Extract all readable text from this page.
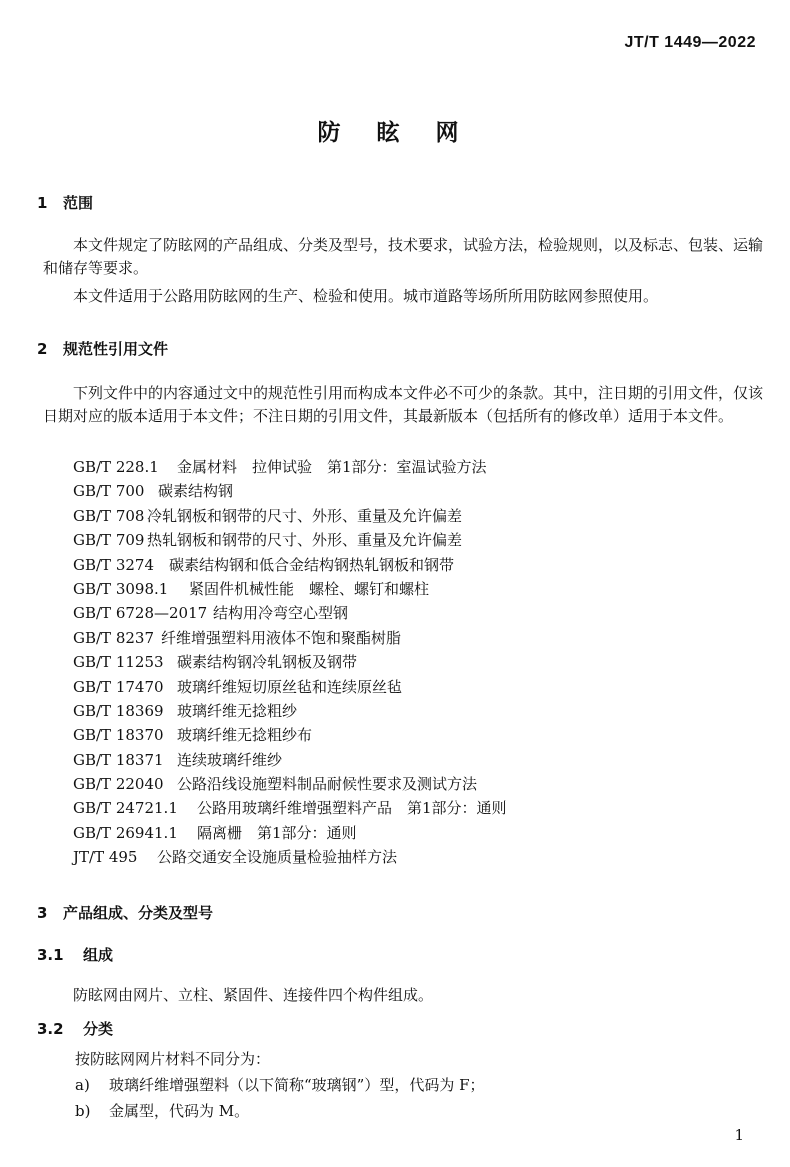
JT/T 1449—2022
防 眩 网
1 范围
本文件规定了防眩网的产品组成、分类及型号，技术要求，试验方法，检验规则，以及标志、包装、运输和储存等要求。
本文件适用于公路用防眩网的生产、检验和使用。城市道路等场所所用防眩网参照使用。
2 规范性引用文件
下列文件中的内容通过文中的规范性引用而构成本文件必不可少的条款。其中，注日期的引用文件，仅该日期对应的版本适用于本文件；不注日期的引用文件，其最新版本（包括所有的修改单）适用于本文件。
GB/T 228.1 金属材料　拉伸试验　第1部分：室温试验方法
GB/T 700 碳素结构钢
GB/T 708 冷轧钢板和钢带的尺寸、外形、重量及允许偏差
GB/T 709 热轧钢板和钢带的尺寸、外形、重量及允许偏差
GB/T 3274 碳素结构钢和低合金结构钢热轧钢板和钢带
GB/T 3098.1 紧固件机械性能　螺栓、螺钉和螺柱
GB/T 6728—2017 结构用冷弯空心型钢
GB/T 8237 纤维增强塑料用液体不饱和聚酯树脂
GB/T 11253 碳素结构钢冷轧钢板及钢带
GB/T 17470 玻璃纤维短切原丝毡和连续原丝毡
GB/T 18369 玻璃纤维无捻粗纱
GB/T 18370 玻璃纤维无捻粗纱布
GB/T 18371 连续玻璃纤维纱
GB/T 22040 公路沿线设施塑料制品耐候性要求及测试方法
GB/T 24721.1 公路用玻璃纤维增强塑料产品　第1部分：通则
GB/T 26941.1 隔离栅　第1部分：通则
JT/T 495 公路交通安全设施质量检验抽样方法
3 产品组成、分类及型号
3.1 组成
防眩网由网片、立柱、紧固件、连接件四个构件组成。
3.2 分类
按防眩网网片材料不同分为：
a) 玻璃纤维增强塑料（以下简称“玻璃钢”）型，代码为 F；
b) 金属型，代码为 M。
1
